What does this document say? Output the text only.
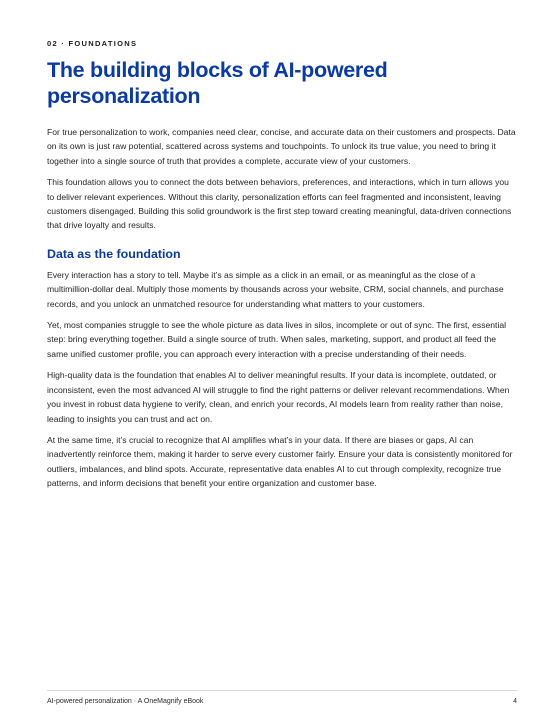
02 · FOUNDATIONS
The building blocks of AI-powered personalization

For true personalization to work, companies need clear, concise, and accurate data on their customers and prospects. Data on its own is just raw potential, scattered across systems and touchpoints. To unlock its true value, you need to bring it together into a single source of truth that provides a complete, accurate view of your customers.

This foundation allows you to connect the dots between behaviors, preferences, and interactions, which in turn allows you to deliver relevant experiences. Without this clarity, personalization efforts can feel fragmented and inconsistent, leaving customers disengaged. Building this solid groundwork is the first step toward creating meaningful, data-driven connections that drive loyalty and results.

Data as the foundation

Every interaction has a story to tell. Maybe it’s as simple as a click in an email, or as meaningful as the close of a multimillion-dollar deal. Multiply those moments by thousands across your website, CRM, social channels, and purchase records, and you unlock an unmatched resource for understanding what matters to your customers.

Yet, most companies struggle to see the whole picture as data lives in silos, incomplete or out of sync. The first, essential step: bring everything together. Build a single source of truth. When sales, marketing, support, and product all feed the same unified customer profile, you can approach every interaction with a precise understanding of their needs.

High-quality data is the foundation that enables AI to deliver meaningful results. If your data is incomplete, outdated, or inconsistent, even the most advanced AI will struggle to find the right patterns or deliver relevant recommendations. When you invest in robust data hygiene to verify, clean, and enrich your records, AI models learn from reality rather than noise, leading to insights you can trust and act on.

At the same time, it’s crucial to recognize that AI amplifies what’s in your data. If there are biases or gaps, AI can inadvertently reinforce them, making it harder to serve every customer fairly. Ensure your data is consistently monitored for outliers, imbalances, and blind spots. Accurate, representative data enables AI to cut through complexity, recognize true patterns, and inform decisions that benefit your entire organization and customer base.

AI-powered personalization · A OneMagnify eBook	4
